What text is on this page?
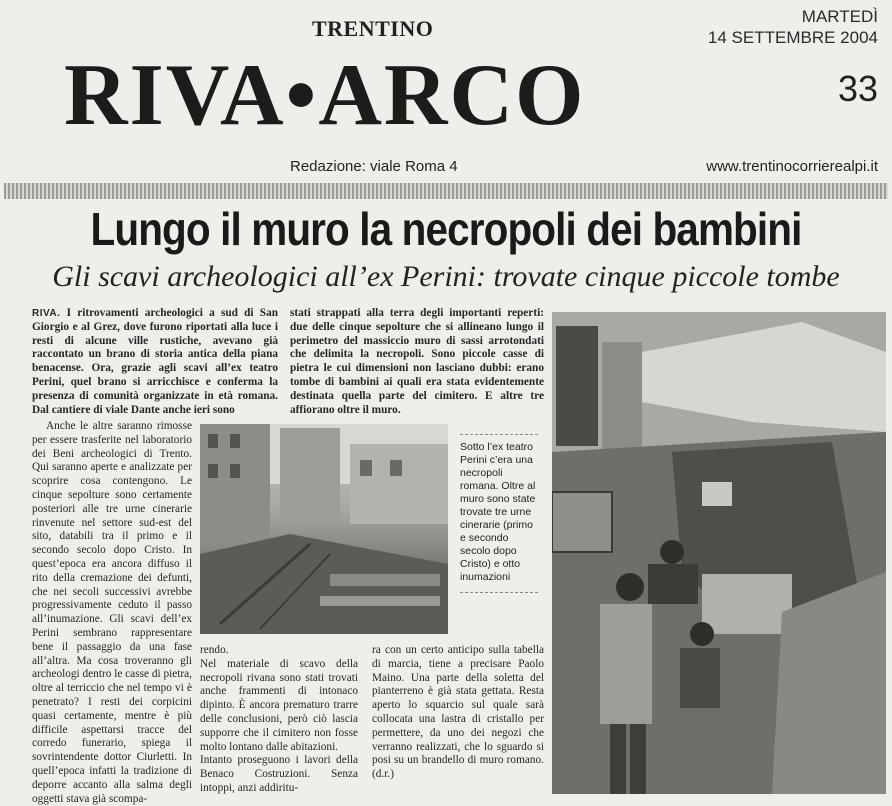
TRENTINO	MARTEDÌ
14 SETTEMBRE 2004
RIVA•ARCO	33
Redazione: viale Roma 4	www.trentinocorrierealpi.it
Lungo il muro la necropoli dei bambini
Gli scavi archeologici all’ex Perini: trovate cinque piccole tombe
RIVA. I ritrovamenti archeologici a sud di San Giorgio e al Grez, dove furono riportati alla luce i resti di alcune ville rustiche, avevano già raccontato un brano di storia antica della piana benacense. Ora, grazie agli scavi all’ex teatro Perini, quel brano si arricchisce e conferma la presenza di comunità organizzate in età romana. Dal cantiere di viale Dante anche ieri sono
stati strappati alla terra degli importanti reperti: due delle cinque sepolture che si allineano lungo il perimetro del massiccio muro di sassi arrotondati che delimita la necropoli. Sono piccole casse di pietra le cui dimensioni non lasciano dubbi: erano tombe di bambini ai quali era stata evidentemente destinata quella parte del cimitero. E altre tre affiorano oltre il muro.
Anche le altre saranno rimosse per essere trasferite nel laboratorio dei Beni archeologici di Trento. Qui saranno aperte e analizzate per scoprire cosa contengono. Le cinque sepolture sono certamente posteriori alle tre urne cinerarie rinvenute nel settore sud-est del sito, databili tra il primo e il secondo secolo dopo Cristo. In quest’epoca era ancora diffuso il rito della cremazione dei defunti, che nei secoli successivi avrebbe progressivamente ceduto il passo all’inumazione. Gli scavi dell’ex Perini sembrano rappresentare bene il passaggio da una fase all’altra. Ma cosa troveranno gli archeologi dentro le casse di pietra, oltre al terriccio che nel tempo vi è penetrato? I resti dei corpicini quasi certamente, mentre è più difficile aspettarsi tracce del corredo funerario, spiega il sovrintendente dottor Ciurletti. In quell’epoca infatti la tradizione di deporre accanto alla salma degli oggetti stava già scompa-
Sotto l’ex teatro Perini c’era una necropoli romana. Oltre al muro sono state trovate tre urne cinerarie (primo e secondo secolo dopo Cristo) e otto inumazioni
rendo.
Nel materiale di scavo della necropoli rivana sono stati trovati anche frammenti di intonaco dipinto. È ancora prematuro trarre delle conclusioni, però ciò lascia supporre che il cimitero non fosse molto lontano dalle abitazioni.
Intanto proseguono i lavori della Benaco Costruzioni. Senza intoppi, anzi addiritu-
ra con un certo anticipo sulla tabella di marcia, tiene a precisare Paolo Maino. Una parte della soletta del pianterreno è già stata gettata. Resta aperto lo squarcio sul quale sarà collocata una lastra di cristallo per permettere, da uno dei negozi che verranno realizzati, che lo sguardo si posi su un brandello di muro romano. (d.r.)
